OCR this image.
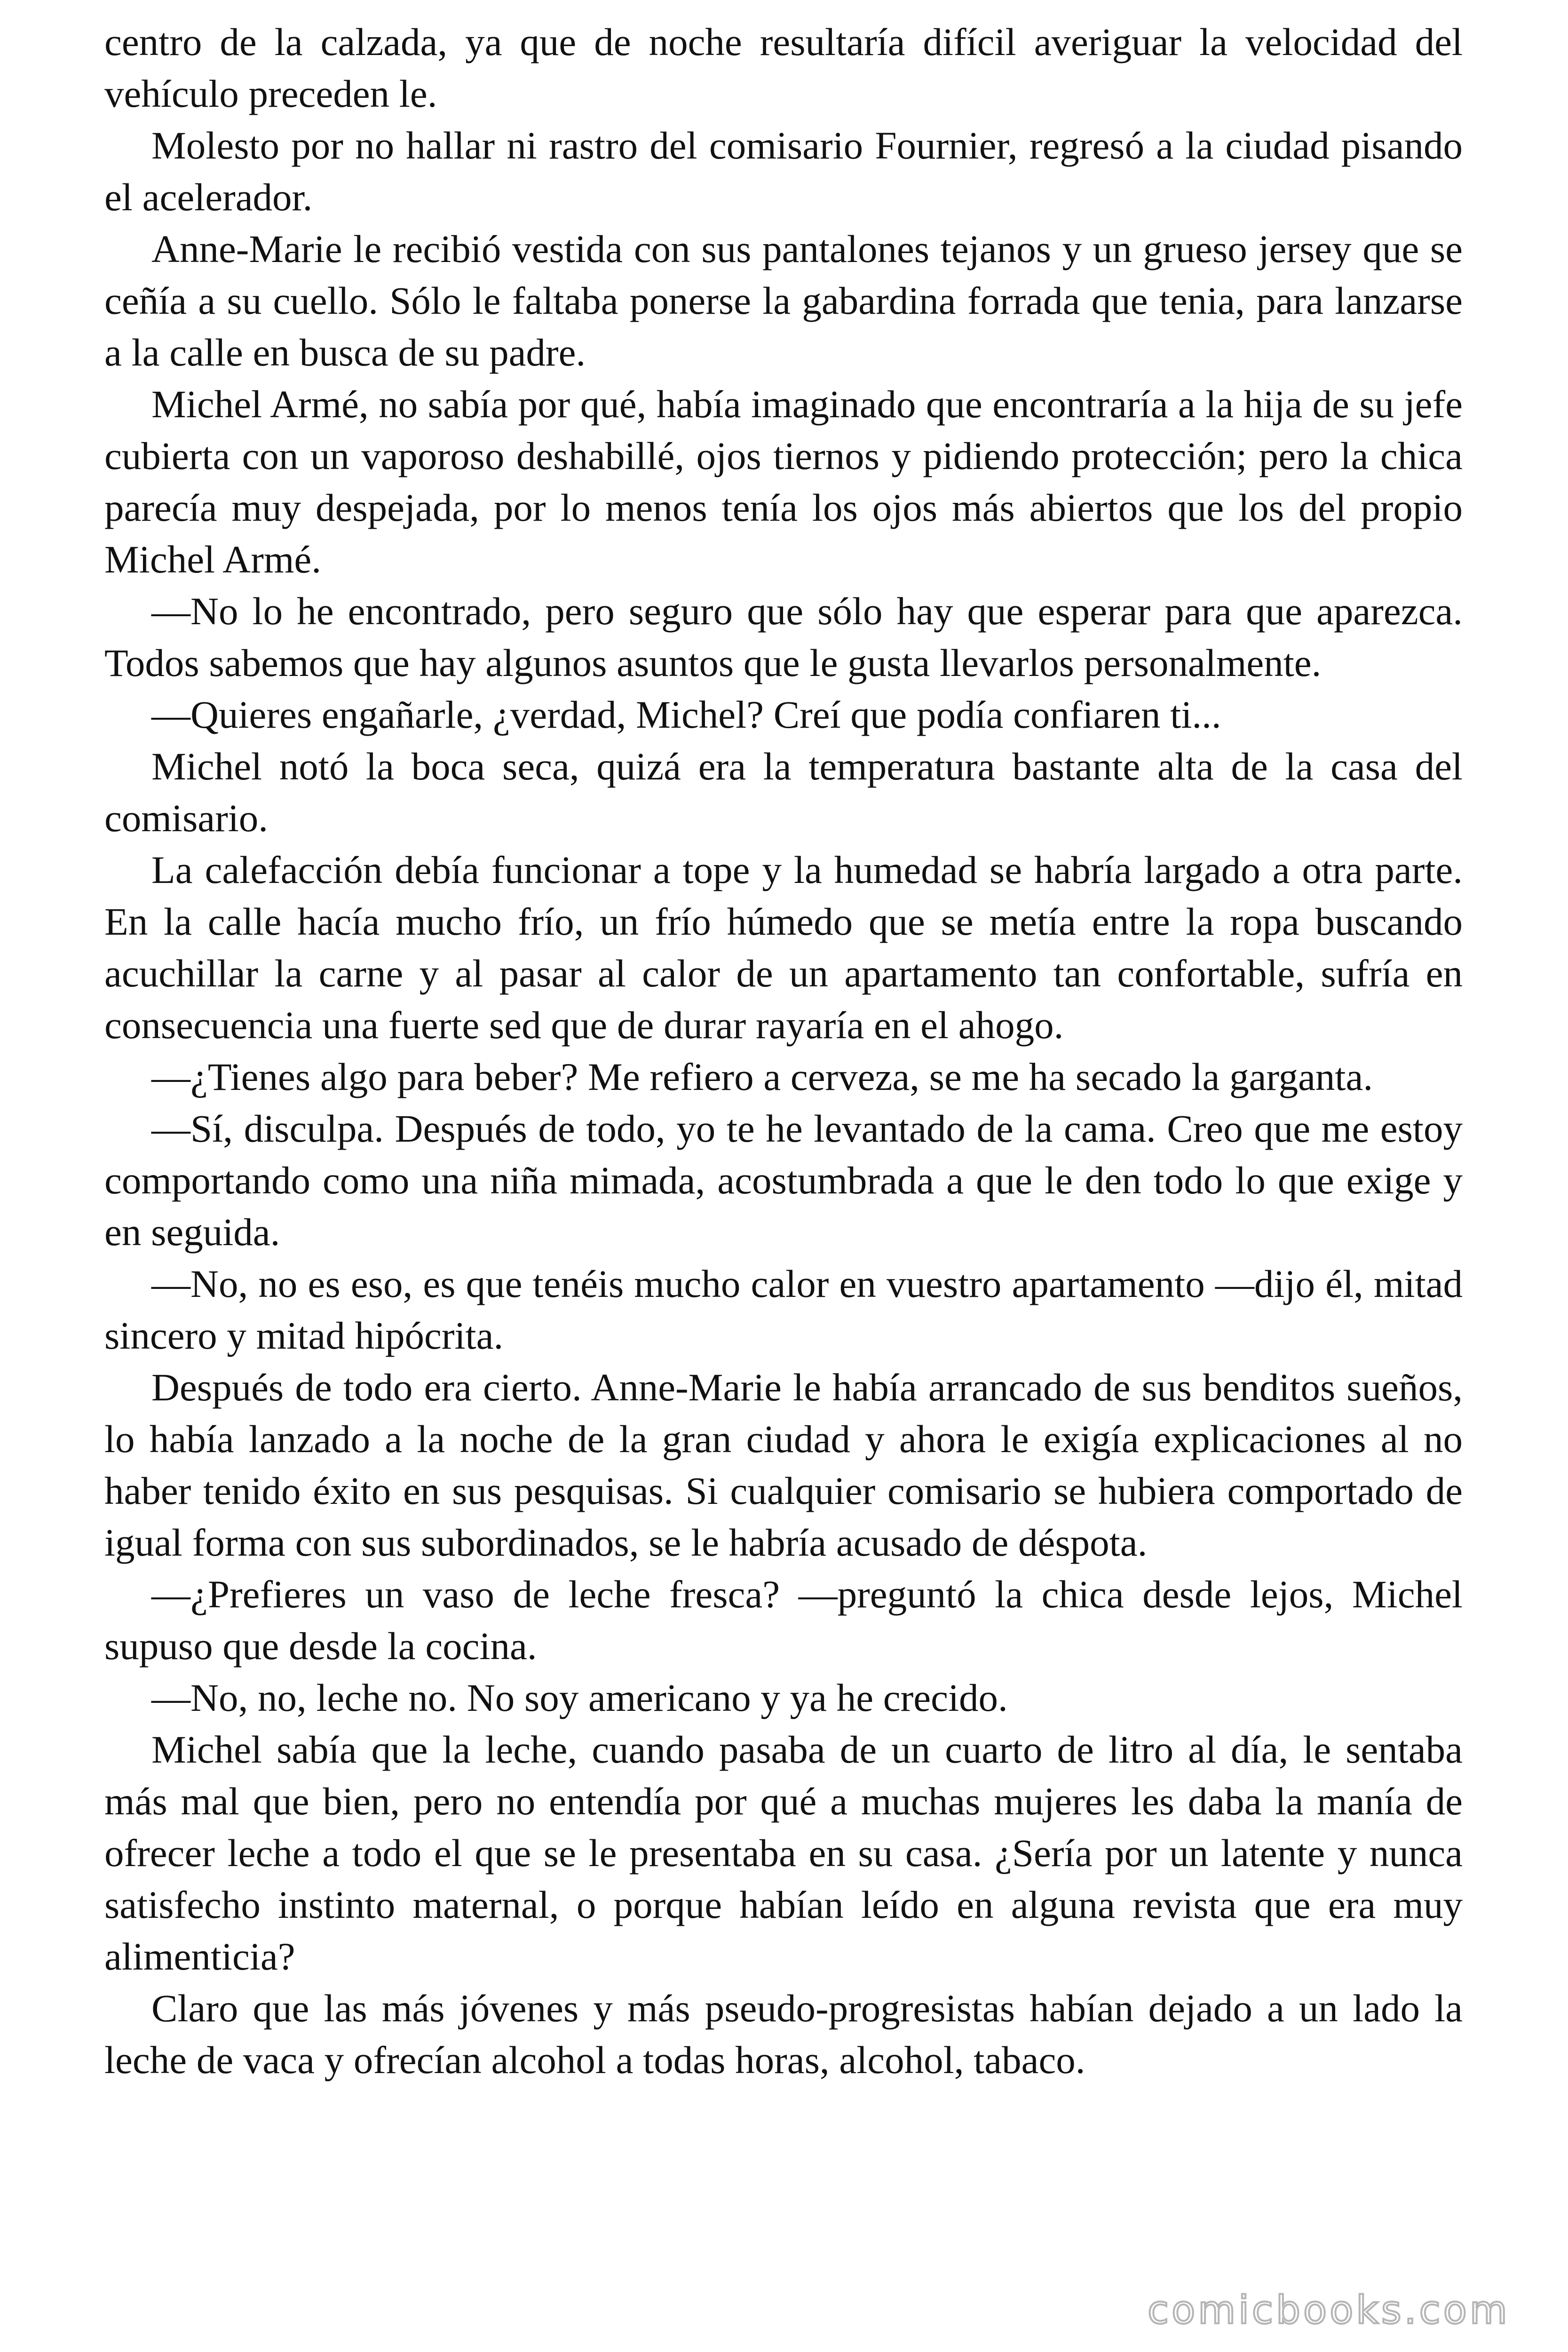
centro de la calzada, ya que de noche resultaría difícil averiguar la velocidad del vehículo preceden le.

Molesto por no hallar ni rastro del comisario Fournier, regresó a la ciudad pisando el acelerador.

Anne-Marie le recibió vestida con sus pantalones tejanos y un grueso jersey que se ceñía a su cuello. Sólo le faltaba ponerse la gabardina forrada que tenia, para lanzarse a la calle en busca de su padre.

Michel Armé, no sabía por qué, había imaginado que encontraría a la hija de su jefe cubierta con un vaporoso deshabillé, ojos tiernos y pidiendo protección; pero la chica parecía muy despejada, por lo menos tenía los ojos más abiertos que los del propio Michel Armé.

—No lo he encontrado, pero seguro que sólo hay que esperar para que aparezca. Todos sabemos que hay algunos asuntos que le gusta llevarlos personalmente.

—Quieres engañarle, ¿verdad, Michel? Creí que podía confiaren ti...

Michel notó la boca seca, quizá era la temperatura bastante alta de la casa del comisario.

La calefacción debía funcionar a tope y la humedad se habría largado a otra parte. En la calle hacía mucho frío, un frío húmedo que se metía entre la ropa buscando acuchillar la carne y al pasar al calor de un apartamento tan confortable, sufría en consecuencia una fuerte sed que de durar rayaría en el ahogo.

—¿Tienes algo para beber? Me refiero a cerveza, se me ha secado la garganta.

—Sí, disculpa. Después de todo, yo te he levantado de la cama. Creo que me estoy comportando como una niña mimada, acostumbrada a que le den todo lo que exige y en seguida.

—No, no es eso, es que tenéis mucho calor en vuestro apartamento —dijo él, mitad sincero y mitad hipócrita.

Después de todo era cierto. Anne-Marie le había arrancado de sus benditos sueños, lo había lanzado a la noche de la gran ciudad y ahora le exigía explicaciones al no haber tenido éxito en sus pesquisas. Si cualquier comisario se hubiera comportado de igual forma con sus subordinados, se le habría acusado de déspota.

—¿Prefieres un vaso de leche fresca? —preguntó la chica desde lejos, Michel supuso que desde la cocina.

—No, no, leche no. No soy americano y ya he crecido.

Michel sabía que la leche, cuando pasaba de un cuarto de litro al día, le sentaba más mal que bien, pero no entendía por qué a muchas mujeres les daba la manía de ofrecer leche a todo el que se le presentaba en su casa. ¿Sería por un latente y nunca satisfecho instinto maternal, o porque habían leído en alguna revista que era muy alimenticia?

Claro que las más jóvenes y más pseudo-progresistas habían dejado a un lado la leche de vaca y ofrecían alcohol a todas horas, alcohol, tabaco.

comicbooks.com
